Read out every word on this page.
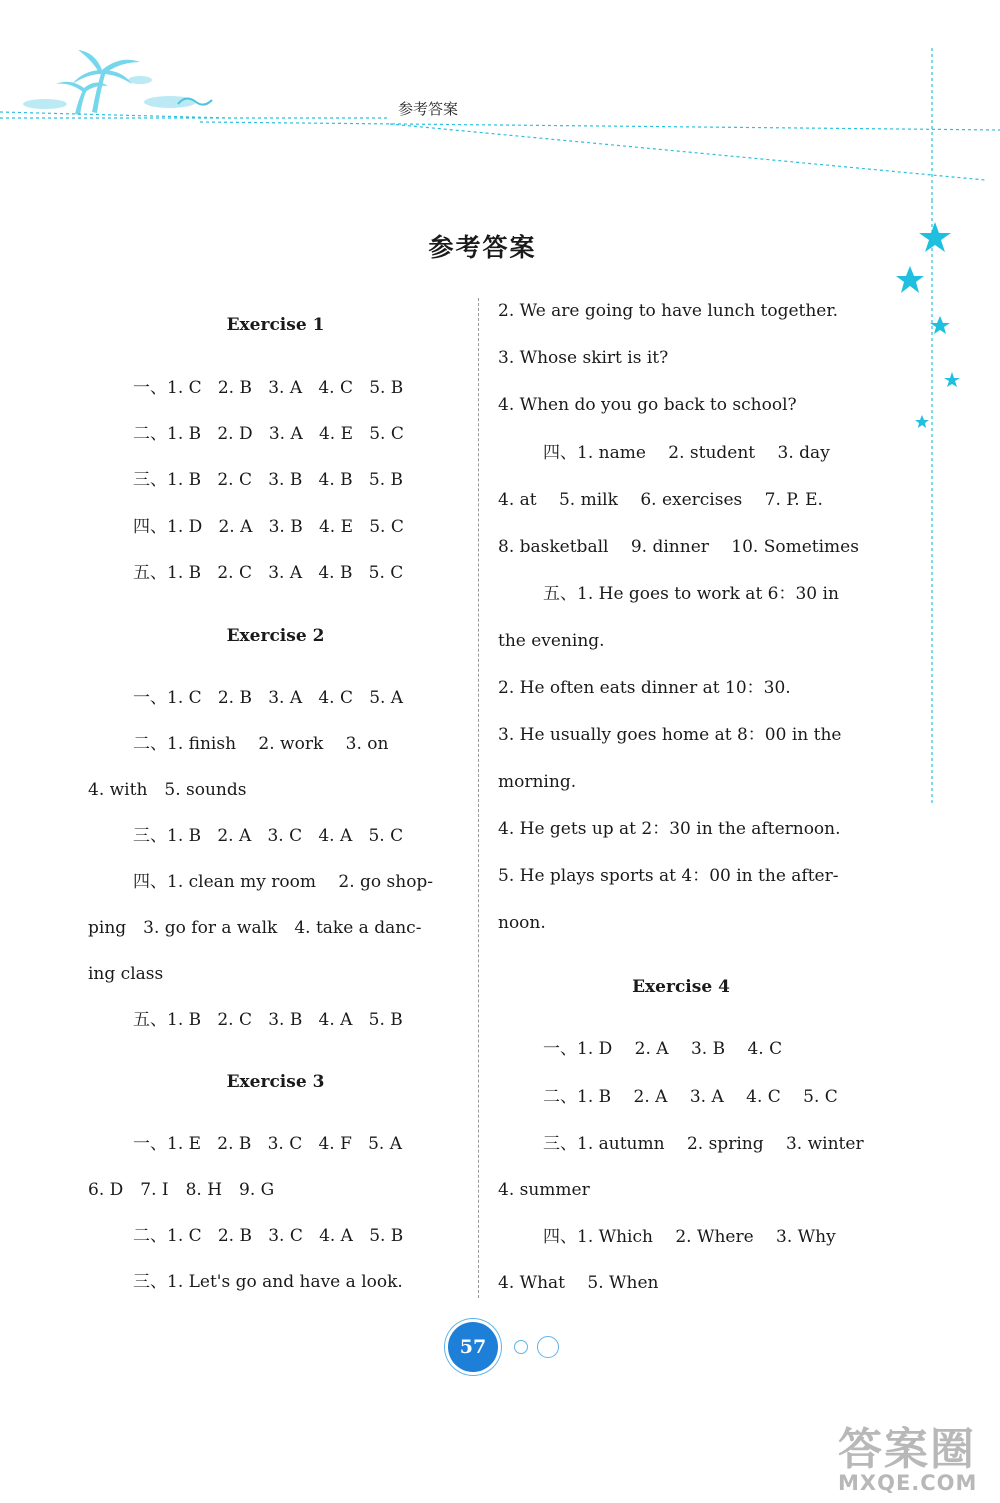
参考答案
参考答案
Exercise 1
一、1. C 2. B 3. A 4. C 5. B
二、1. B 2. D 3. A 4. E 5. C
三、1. B 2. C 3. B 4. B 5. B
四、1. D 2. A 3. B 4. E 5. C
五、1. B 2. C 3. A 4. B 5. C
Exercise 2
一、1. C 2. B 3. A 4. C 5. A
二、1. finish　 2. work　 3. on
4. with　5. sounds
三、1. B 2. A 3. C 4. A 5. C
四、1. clean my room　 2. go shop-
ping　3. go for a walk　4. take a danc-
ing class
五、1. B 2. C 3. B 4. A 5. B
Exercise 3
一、1. E 2. B 3. C 4. F 5. A
6. D　7. I　8. H　9. G
二、1. C 2. B 3. C 4. A 5. B
三、1. Let's go and have a look.
2. We are going to have lunch together.
3. Whose skirt is it?
4. When do you go back to school?
四、1. name　 2. student　 3. day
4. at　 5. milk　 6. exercises　 7. P. E.
8. basketball　 9. dinner　 10. Sometimes
五、1. He goes to work at 6：30 in
the evening.
2. He often eats dinner at 10：30.
3. He usually goes home at 8：00 in the
morning.
4. He gets up at 2：30 in the afternoon.
5. He plays sports at 4：00 in the after-
noon.
Exercise 4
一、1. D　 2. A　 3. B　 4. C
二、1. B　 2. A　 3. A　 4. C　 5. C
三、1. autumn　 2. spring　 3. winter
4. summer
四、1. Which　 2. Where　 3. Why
4. What　 5. When
57
答案圈
MXQE.COM
